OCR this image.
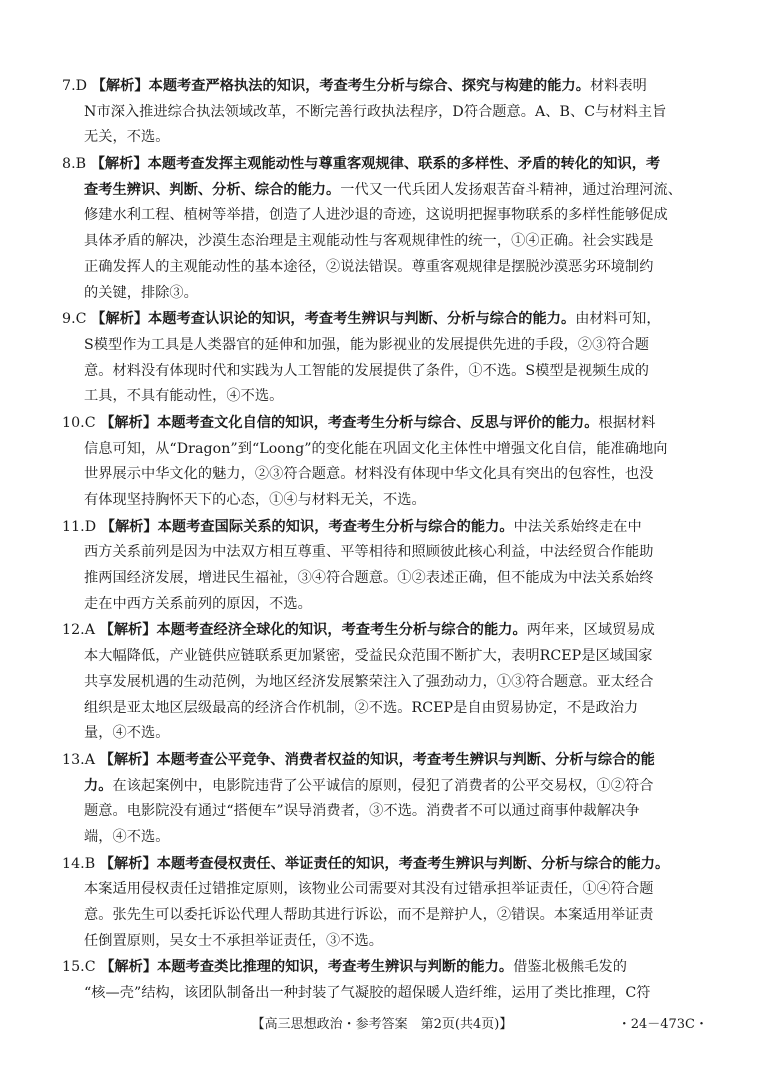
7.D 【解析】本题考查严格执法的知识，考查考生分析与综合、探究与构建的能力。材料表明
N市深入推进综合执法领域改革，不断完善行政执法程序，D符合题意。A、B、C与材料主旨
无关，不选。
8.B 【解析】本题考查发挥主观能动性与尊重客观规律、联系的多样性、矛盾的转化的知识，考
查考生辨识、判断、分析、综合的能力。一代又一代兵团人发扬艰苦奋斗精神，通过治理河流、
修建水利工程、植树等举措，创造了人进沙退的奇迹，这说明把握事物联系的多样性能够促成
具体矛盾的解决，沙漠生态治理是主观能动性与客观规律性的统一，①④正确。社会实践是
正确发挥人的主观能动性的基本途径，②说法错误。尊重客观规律是摆脱沙漠恶劣环境制约
的关键，排除③。
9.C 【解析】本题考查认识论的知识，考查考生辨识与判断、分析与综合的能力。由材料可知，
S模型作为工具是人类器官的延伸和加强，能为影视业的发展提供先进的手段，②③符合题
意。材料没有体现时代和实践为人工智能的发展提供了条件，①不选。S模型是视频生成的
工具，不具有能动性，④不选。
10.C 【解析】本题考查文化自信的知识，考查考生分析与综合、反思与评价的能力。根据材料
信息可知，从“Dragon”到“Loong”的变化能在巩固文化主体性中增强文化自信，能准确地向
世界展示中华文化的魅力，②③符合题意。材料没有体现中华文化具有突出的包容性，也没
有体现坚持胸怀天下的心态，①④与材料无关，不选。
11.D 【解析】本题考查国际关系的知识，考查考生分析与综合的能力。中法关系始终走在中
西方关系前列是因为中法双方相互尊重、平等相待和照顾彼此核心利益，中法经贸合作能助
推两国经济发展，增进民生福祉，③④符合题意。①②表述正确，但不能成为中法关系始终
走在中西方关系前列的原因，不选。
12.A 【解析】本题考查经济全球化的知识，考查考生分析与综合的能力。两年来，区域贸易成
本大幅降低，产业链供应链联系更加紧密，受益民众范围不断扩大，表明RCEP是区域国家
共享发展机遇的生动范例，为地区经济发展繁荣注入了强劲动力，①③符合题意。亚太经合
组织是亚太地区层级最高的经济合作机制，②不选。RCEP是自由贸易协定，不是政治力
量，④不选。
13.A 【解析】本题考查公平竞争、消费者权益的知识，考查考生辨识与判断、分析与综合的能
力。在该起案例中，电影院违背了公平诚信的原则，侵犯了消费者的公平交易权，①②符合
题意。电影院没有通过“搭便车”误导消费者，③不选。消费者不可以通过商事仲裁解决争
端，④不选。
14.B 【解析】本题考查侵权责任、举证责任的知识，考查考生辨识与判断、分析与综合的能力。
本案适用侵权责任过错推定原则，该物业公司需要对其没有过错承担举证责任，①④符合题
意。张先生可以委托诉讼代理人帮助其进行诉讼，而不是辩护人，②错误。本案适用举证责
任倒置原则，吴女士不承担举证责任，③不选。
15.C 【解析】本题考查类比推理的知识，考查考生辨识与判断的能力。借鉴北极熊毛发的
“核—壳”结构，该团队制备出一种封装了气凝胶的超保暖人造纤维，运用了类比推理，C符
【高三思想政治・参考答案　第2页(共4页)】	・24－473C・
